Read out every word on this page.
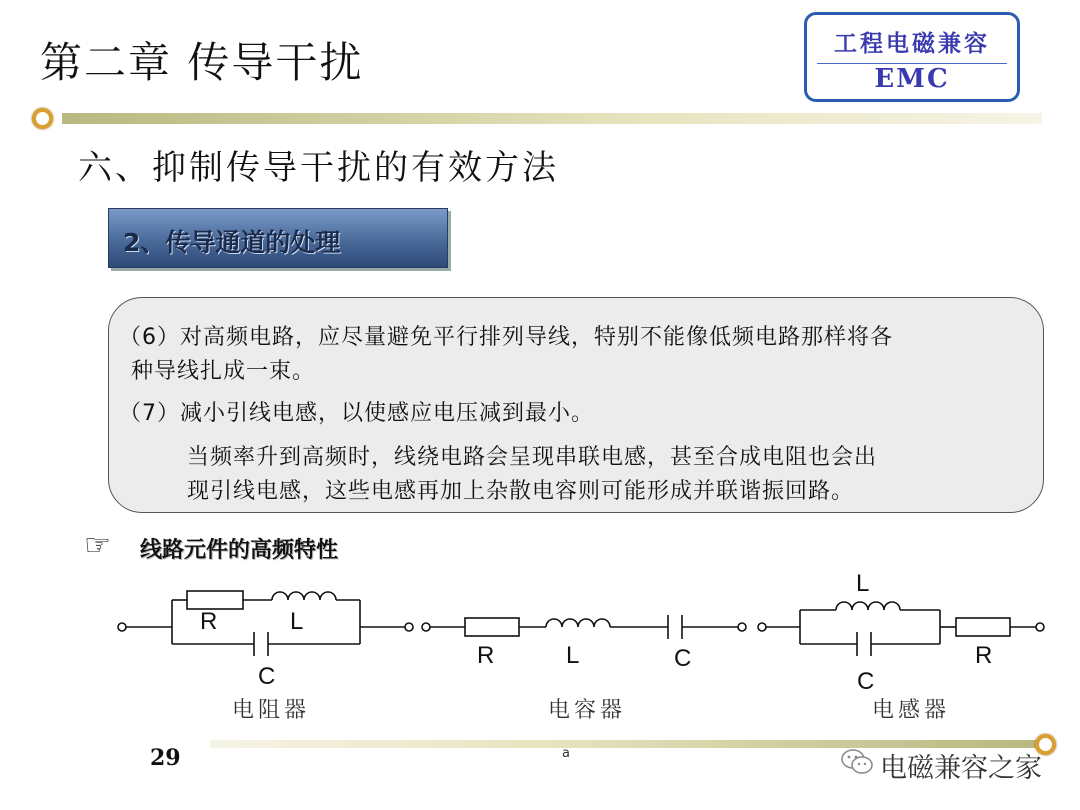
第二章 传导干扰	工程电磁兼容
EMC
六、抑制传导干扰的有效方法
2、传导通道的处理
（6）对高频电路，应尽量避免平行排列导线，特别不能像低频电路那样将各
种导线扎成一束。
（7）减小引线电感，以使感应电压减到最小。
当频率升到高频时，线绕电路会呈现串联电感，甚至合成电阻也会出
现引线电感，这些电感再加上杂散电容则可能形成并联谐振回路。
☞ 线路元件的高频特性
R	L
C
R	L	C
L
C
R
电阻器	电容器	电感器
29	a	电磁兼容之家
